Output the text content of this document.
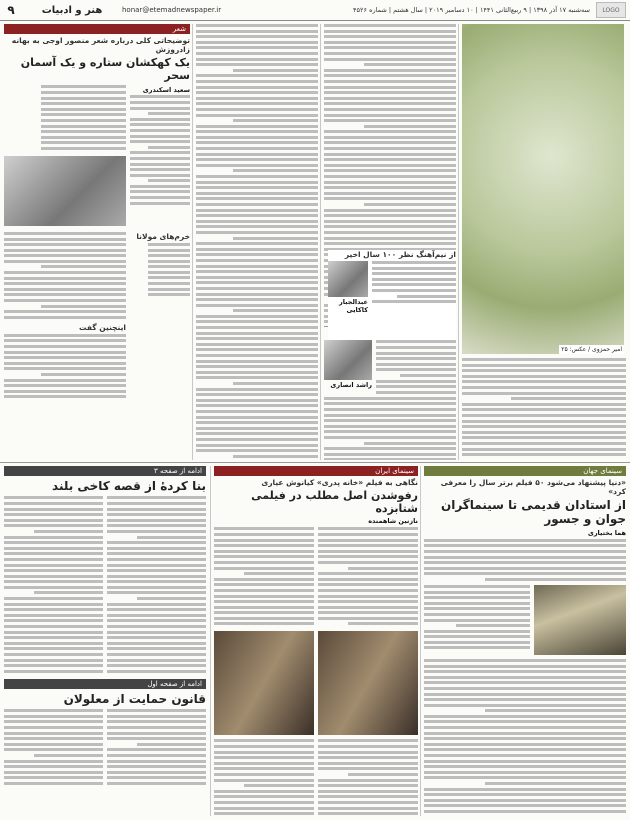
۹	هنر و ادبیات	honar@etemadnewspaper.ir	سه‌شنبه ۱۷ آذر ۱۳۹۸ | ۹ ربیع‌الثانی ۱۴۴۱ | ۱۰ دسامبر ۲۰۱۹ | سال هشتم | شماره ۴۵۲۶	LOGO
شعر
توضیحاتی کلی درباره شعر منصور اوجی به بهانه زادروزش
یک کهکشان ستاره و یک آسمان سحر
سعید اسکندری
خرم‌های مولانا
اینچنین گفت
راشد انصاری
امیر حمزوی / عکس: ۲۵
از نیم‌آهنگ نظر ۱۰۰ سال اخیر
عبدالجبار کاکایی
سینمای جهان
«دنیا پیشنهاد می‌شود ۵۰ فیلم برتر سال را معرفی کرد»
از استادان قدیمی تا سینماگران جوان و جسور
هما بختیاری
سینمای ایران
نگاهی به فیلم «خانه پدری» کیانوش عیاری
رفوشدن اصل مطلب در فیلمی شتابزده
نازنین شاهمنده
ادامه از صفحه ۳
بنا کردهٔ از قصه کاخی بلند
ادامه از صفحه اول
قانون حمایت از معلولان
